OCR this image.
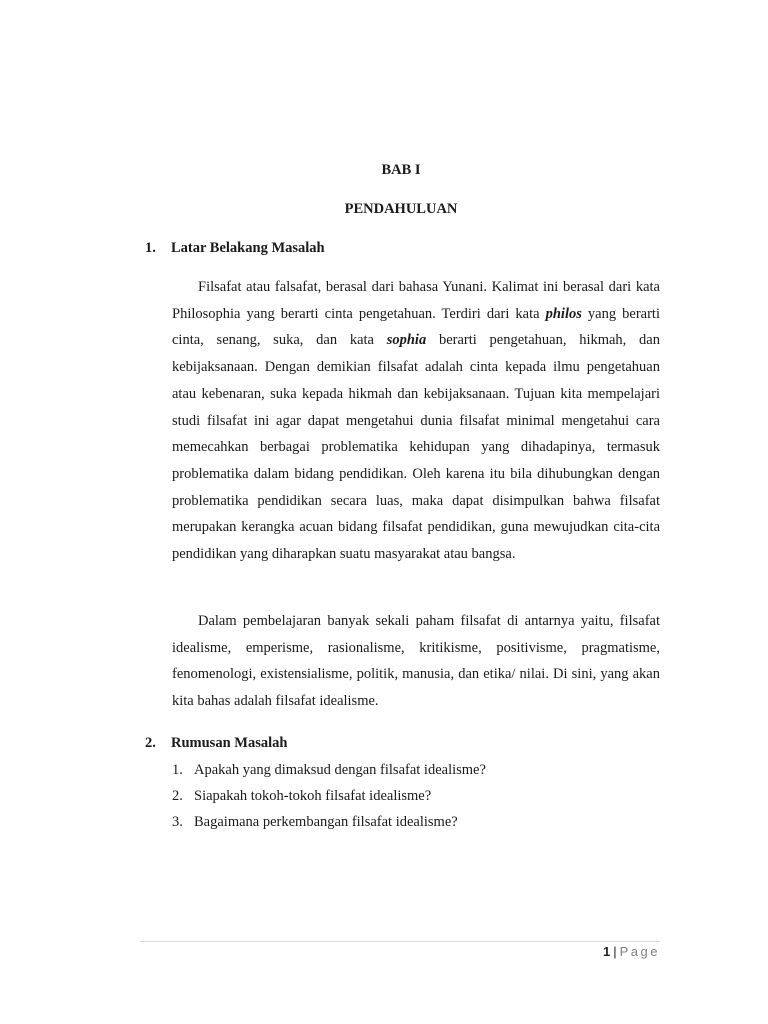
BAB I
PENDAHULUAN
1. Latar Belakang Masalah

Filsafat atau falsafat, berasal dari bahasa Yunani. Kalimat ini berasal dari kata Philosophia yang berarti cinta pengetahuan. Terdiri dari kata philos yang berarti cinta, senang, suka, dan kata sophia berarti pengetahuan, hikmah, dan kebijaksanaan. Dengan demikian filsafat adalah cinta kepada ilmu pengetahuan atau kebenaran, suka kepada hikmah dan kebijaksanaan. Tujuan kita mempelajari studi filsafat ini agar dapat mengetahui dunia filsafat minimal mengetahui cara memecahkan berbagai problematika kehidupan yang dihadapinya, termasuk problematika dalam bidang pendidikan. Oleh karena itu bila dihubungkan dengan problematika pendidikan secara luas, maka dapat disimpulkan bahwa filsafat merupakan kerangka acuan bidang filsafat pendidikan, guna mewujudkan cita-cita pendidikan yang diharapkan suatu masyarakat atau bangsa.

Dalam pembelajaran banyak sekali paham filsafat di antarnya yaitu, filsafat idealisme, emperisme, rasionalisme, kritikisme, positivisme, pragmatisme, fenomenologi, existensialisme, politik, manusia, dan etika/ nilai. Di sini, yang akan kita bahas adalah filsafat idealisme.

2. Rumusan Masalah
1. Apakah yang dimaksud dengan filsafat idealisme?
2. Siapakah tokoh-tokoh filsafat idealisme?
3. Bagaimana perkembangan filsafat idealisme?
1 | Page
